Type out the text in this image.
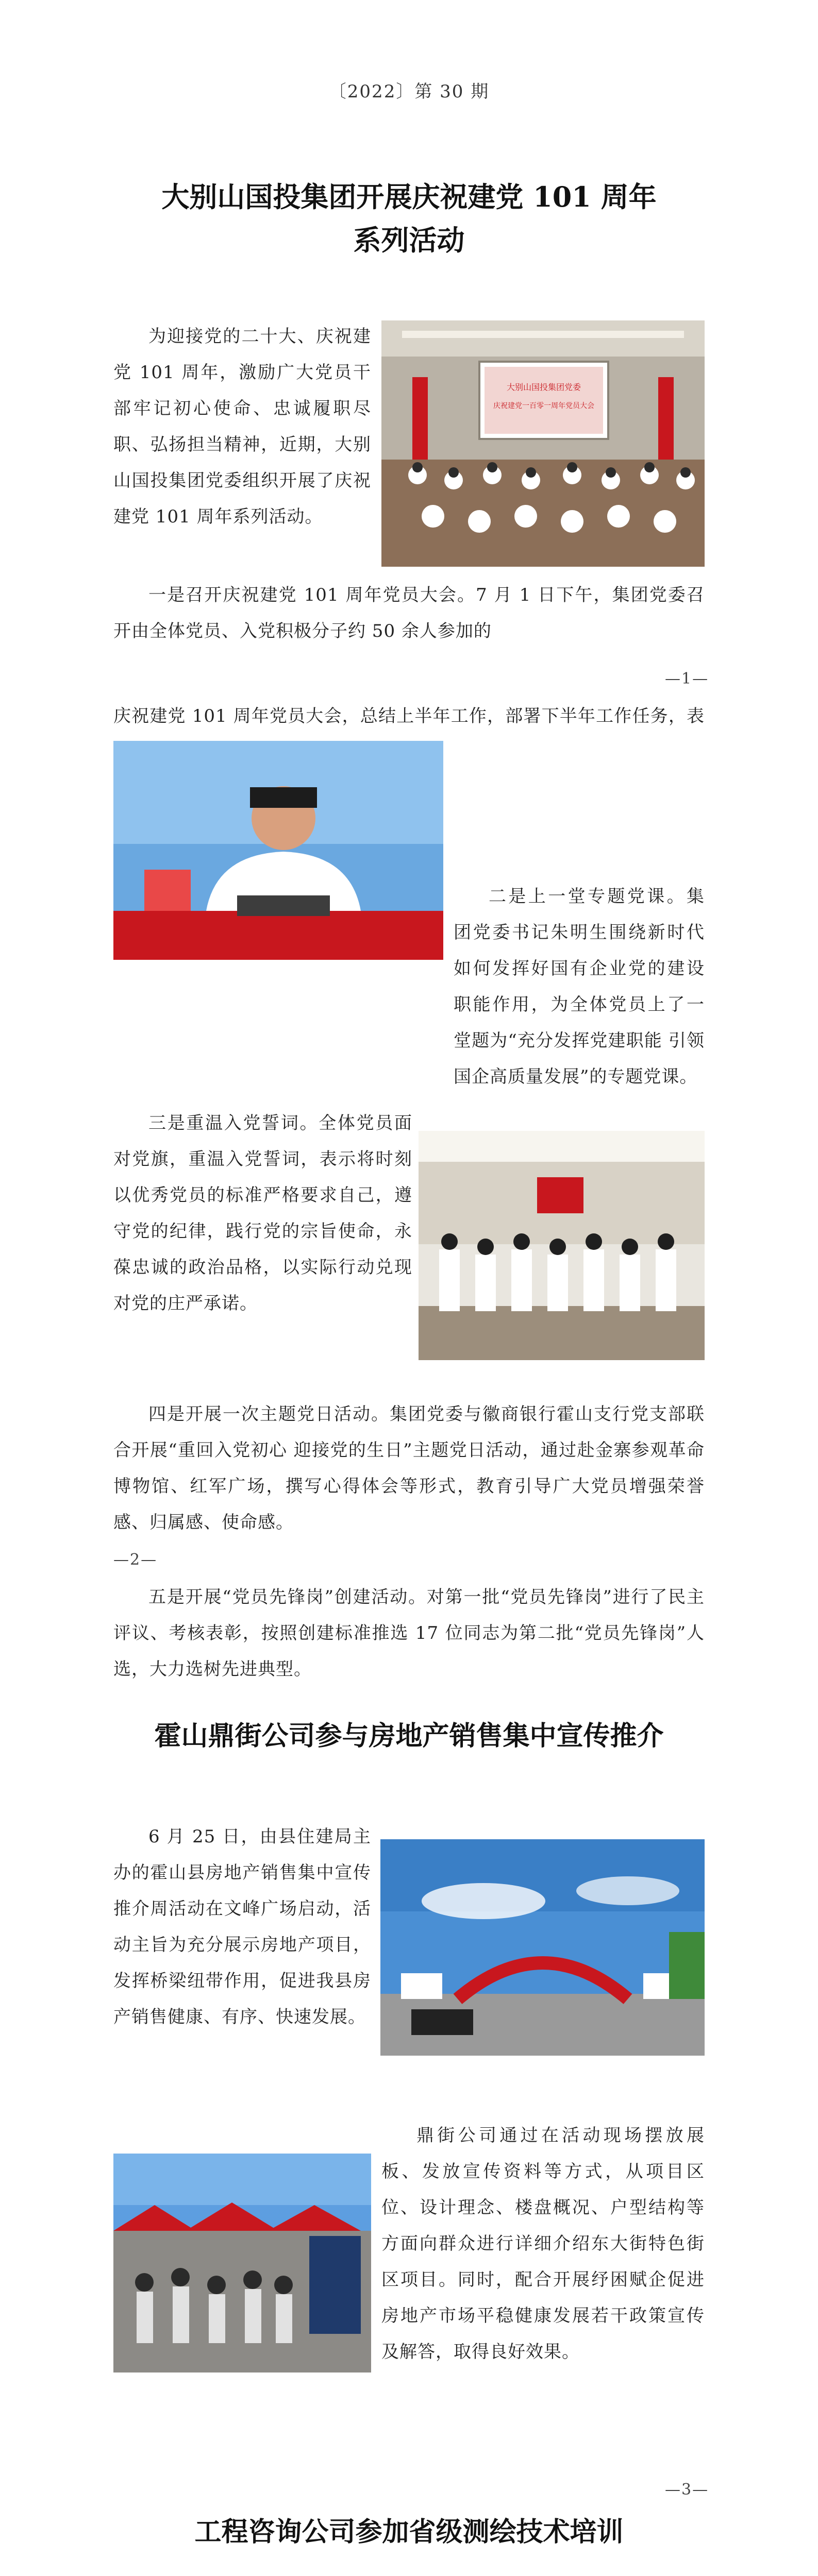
〔2022〕第 30 期
大别山国投集团开展庆祝建党 101 周年
系列活动

为迎接党的二十大、庆祝建党 101 周年，激励广大党员干部牢记初心使命、忠诚履职尽职、弘扬担当精神，近期，大别山国投集团党委组织开展了庆祝建党 101 周年系列活动。

大别山国投集团党委
庆祝建党一百零一周年党员大会

一是召开庆祝建党 101 周年党员大会。7 月 1 日下午，集团党委召开由全体党员、入党积极分子约 50 余人参加的

—1—

庆祝建党 101 周年党员大会，总结上半年工作，部署下半年工作任务，表

二是上一堂专题党课。集团党委书记朱明生围绕新时代如何发挥好国有企业党的建设职能作用，为全体党员上了一堂题为“充分发挥党建职能 引领国企高质量发展”的专题党课。

三是重温入党誓词。全体党员面对党旗，重温入党誓词，表示将时刻以优秀党员的标准严格要求自己，遵守党的纪律，践行党的宗旨使命，永葆忠诚的政治品格，以实际行动兑现对党的庄严承诺。

四是开展一次主题党日活动。集团党委与徽商银行霍山支行党支部联合开展“重回入党初心 迎接党的生日”主题党日活动，通过赴金寨参观革命博物馆、红军广场，撰写心得体会等形式，教育引导广大党员增强荣誉感、归属感、使命感。

—2—

五是开展“党员先锋岗”创建活动。对第一批“党员先锋岗”进行了民主评议、考核表彰，按照创建标准推选 17 位同志为第二批“党员先锋岗”人选，大力选树先进典型。

霍山鼎街公司参与房地产销售集中宣传推介

6 月 25 日，由县住建局主办的霍山县房地产销售集中宣传推介周活动在文峰广场启动，活动主旨为充分展示房地产项目，发挥桥梁纽带作用，促进我县房产销售健康、有序、快速发展。

鼎街公司通过在活动现场摆放展板、发放宣传资料等方式，从项目区位、设计理念、楼盘概况、户型结构等方面向群众进行详细介绍东大街特色街区项目。同时，配合开展纾困赋企促进房地产市场平稳健康发展若干政策宣传及解答，取得良好效果。

—3—
工程咨询公司参加省级测绘技术培训
